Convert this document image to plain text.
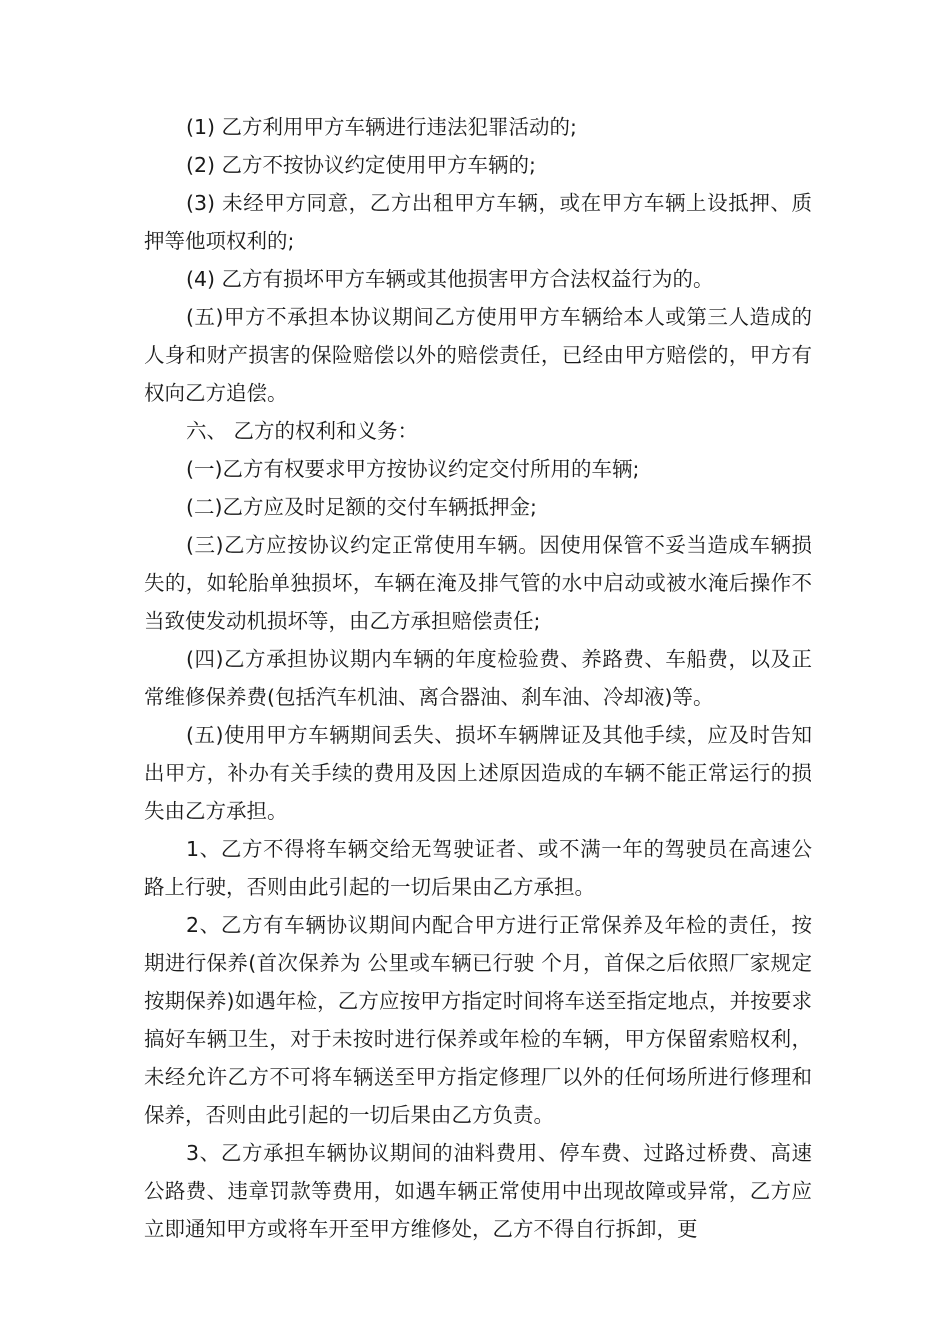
(1) 乙方利用甲方车辆进行违法犯罪活动的;

(2) 乙方不按协议约定使用甲方车辆的;

(3) 未经甲方同意，乙方出租甲方车辆，或在甲方车辆上设抵押、质押等他项权利的;

(4) 乙方有损坏甲方车辆或其他损害甲方合法权益行为的。

(五)甲方不承担本协议期间乙方使用甲方车辆给本人或第三人造成的人身和财产损害的保险赔偿以外的赔偿责任，已经由甲方赔偿的，甲方有权向乙方追偿。

六、 乙方的权利和义务：

(一)乙方有权要求甲方按协议约定交付所用的车辆;

(二)乙方应及时足额的交付车辆抵押金;

(三)乙方应按协议约定正常使用车辆。因使用保管不妥当造成车辆损失的，如轮胎单独损坏，车辆在淹及排气管的水中启动或被水淹后操作不当致使发动机损坏等，由乙方承担赔偿责任;

(四)乙方承担协议期内车辆的年度检验费、养路费、车船费，以及正常维修保养费(包括汽车机油、离合器油、刹车油、冷却液)等。

(五)使用甲方车辆期间丢失、损坏车辆牌证及其他手续，应及时告知出甲方，补办有关手续的费用及因上述原因造成的车辆不能正常运行的损失由乙方承担。

1、乙方不得将车辆交给无驾驶证者、或不满一年的驾驶员在高速公路上行驶，否则由此引起的一切后果由乙方承担。

2、乙方有车辆协议期间内配合甲方进行正常保养及年检的责任，按期进行保养(首次保养为 公里或车辆已行驶 个月，首保之后依照厂家规定按期保养)如遇年检，乙方应按甲方指定时间将车送至指定地点，并按要求搞好车辆卫生，对于未按时进行保养或年检的车辆，甲方保留索赔权利，未经允许乙方不可将车辆送至甲方指定修理厂以外的任何场所进行修理和保养，否则由此引起的一切后果由乙方负责。

3、乙方承担车辆协议期间的油料费用、停车费、过路过桥费、高速公路费、违章罚款等费用，如遇车辆正常使用中出现故障或异常，乙方应立即通知甲方或将车开至甲方维修处，乙方不得自行拆卸，更
